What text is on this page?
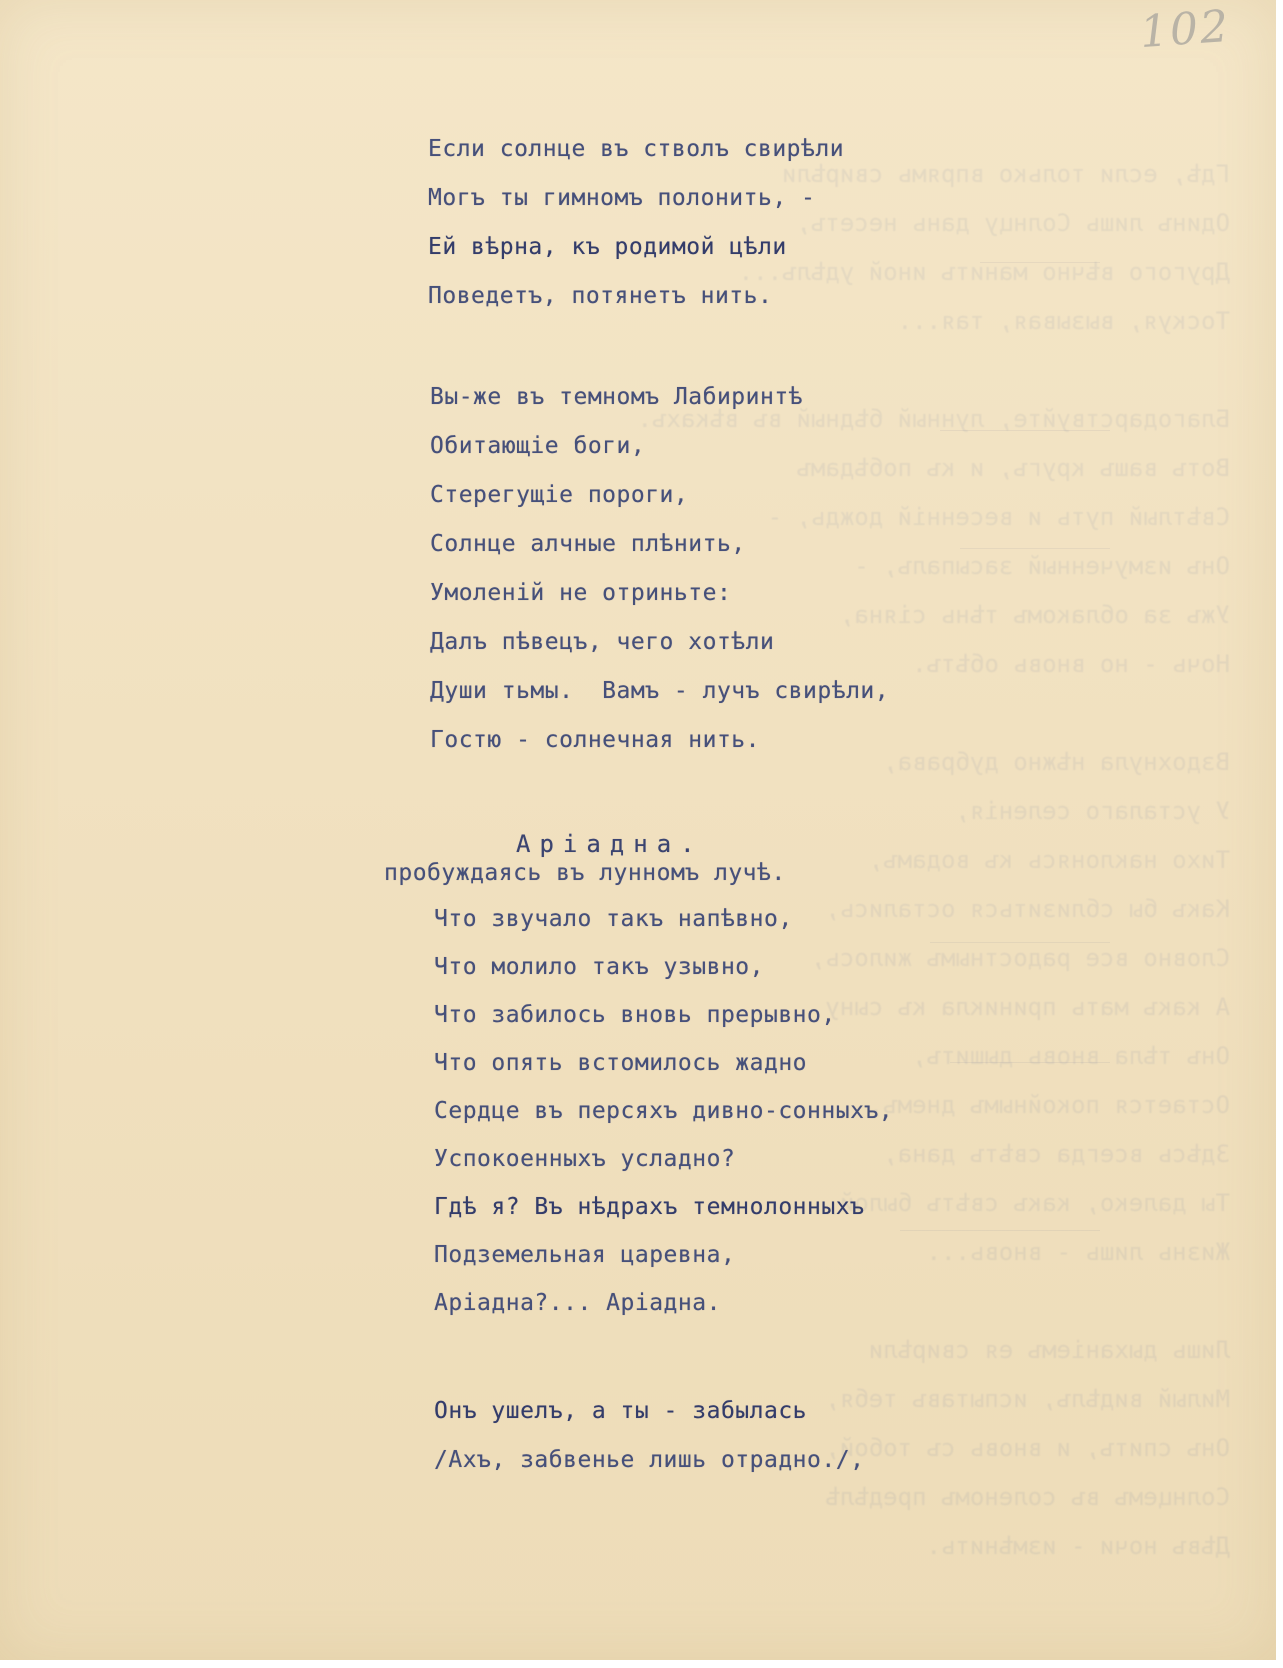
Гдѣ, если только впрямь свирѣли
Одинъ лишь Солнцу дань несетъ,
Другого вѣчно манитъ иной удѣлъ...
Тоскуя, вызывая, тая...

Благодарствуйте, лунный бѣдный въ вѣкахъ.
Вотъ вашъ кругъ, и къ побѣдамъ
Свѣтлый путь и весенній дождь, -
Онъ измученный засыпалъ, -
Ужъ за облакомъ тѣнь сіяна,
Ночь - но вновь обѣтъ.

Вздохнула нѣжно дубрава,
У усталаго селенія,
Тихо наклонясь къ водамъ,
Какъ бы сблизиться остались,
Словно все радостнымъ жилось,
А какъ мать приникла къ сыну
Онъ тѣла вновь дышитъ,
Остается покойнымъ днемъ,
Здѣсь всегда свѣтъ дана,
Ты далеко, какъ свѣтъ былой,
Жизнь лишь - вновь...

Лишь дыханіемъ ея свирѣли
Милый видѣлъ, испытавъ тебя,
Онъ спитъ, и вновь съ тобой,
Солнцемъ въ соленомъ предѣлѣ
Дѣвъ ночи - измѣнить.
102
Если солнце въ стволъ свирѣли
Могъ ты гимномъ полонить, -
Ей вѣрна, къ родимой цѣли
Поведетъ, потянетъ нить.
Вы-же въ темномъ Лабиринтѣ
Обитающіе боги,
Стерегущіе пороги,
Солнце алчные плѣнить,
Умоленій не отриньте:
Далъ пѣвецъ, чего хотѣли
Души тьмы.  Вамъ - лучъ свирѣли,
Гостю - солнечная нить.
Аріадна.
пробуждаясь въ лунномъ лучѣ.
Что звучало такъ напѣвно,
Что молило такъ узывно,
Что забилось вновь прерывно,
Что опять встомилось жадно
Сердце въ персяхъ дивно-сонныхъ,
Успокоенныхъ усладно?
Гдѣ я? Въ нѣдрахъ темнолонныхъ
Подземельная царевна,
Аріадна?... Аріадна.
Онъ ушелъ, а ты - забылась
/Ахъ, забвенье лишь отрадно./,
